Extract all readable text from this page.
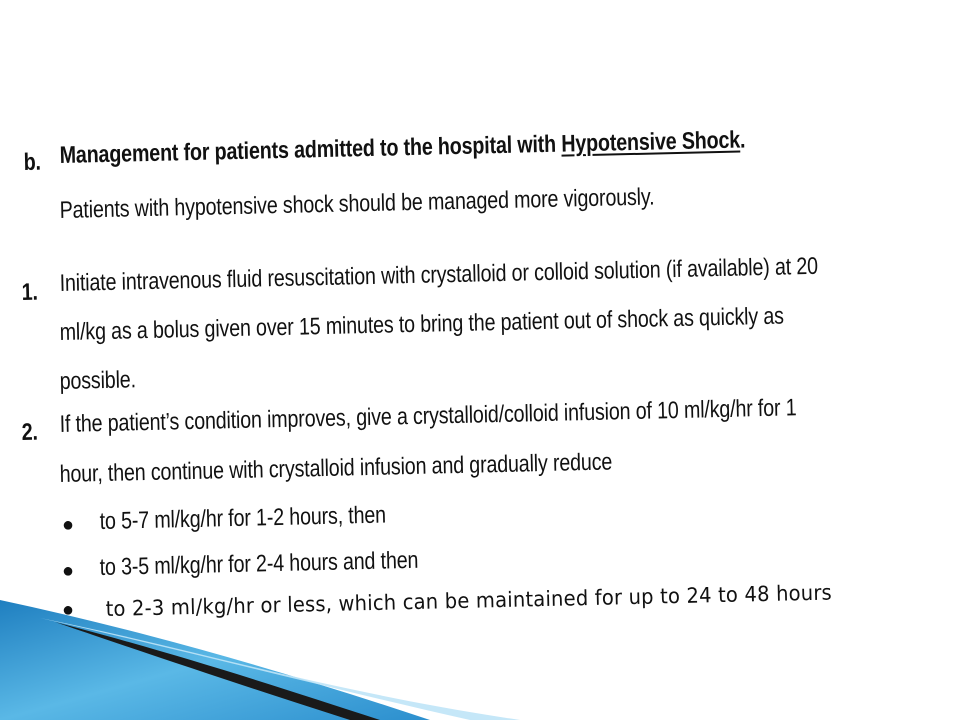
b. Management for patients admitted to the hospital with Hypotensive Shock.
Patients with hypotensive shock should be managed more vigorously.
1. Initiate intravenous fluid resuscitation with crystalloid or colloid solution (if available) at 20
ml/kg as a bolus given over 15 minutes to bring the patient out of shock as quickly as
possible.
2. If the patient’s condition improves, give a crystalloid/colloid infusion of 10 ml/kg/hr for 1
hour, then continue with crystalloid infusion and gradually reduce
● to 5-7 ml/kg/hr for 1-2 hours, then
● to 3-5 ml/kg/hr for 2-4 hours and then
● to 2-3 ml/kg/hr or less, which can be maintained for up to 24 to 48 hours
